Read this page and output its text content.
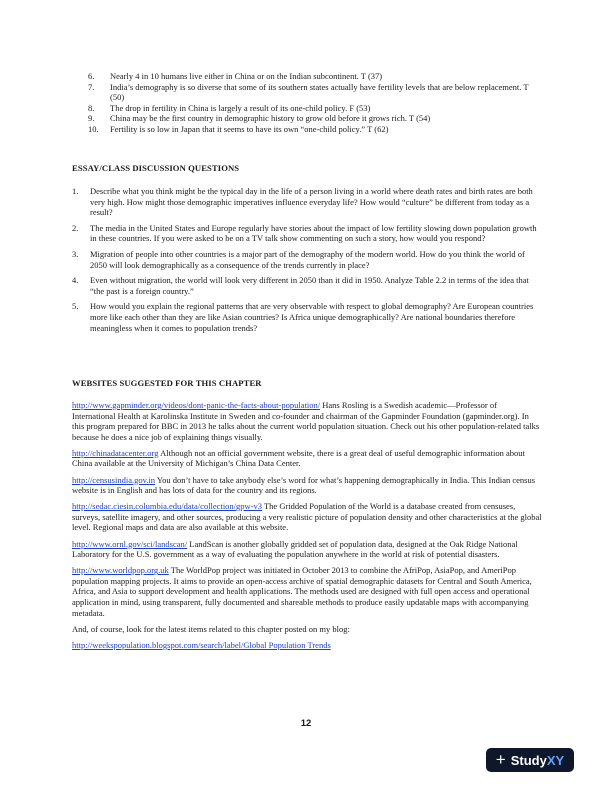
6.	Nearly 4 in 10 humans live either in China or on the Indian subcontinent. T (37)
7.	India’s demography is so diverse that some of its southern states actually have fertility levels that are below replacement. T (50)
8.	The drop in fertility in China is largely a result of its one-child policy. F (53)
9.	China may be the first country in demographic history to grow old before it grows rich. T (54)
10.	Fertility is so low in Japan that it seems to have its own “one-child policy.” T (62)
ESSAY/CLASS DISCUSSION QUESTIONS
1.	Describe what you think might be the typical day in the life of a person living in a world where death rates and birth rates are both very high. How might those demographic imperatives influence everyday life? How would “culture” be different from today as a result?
2.	The media in the United States and Europe regularly have stories about the impact of low fertility slowing down population growth in these countries. If you were asked to be on a TV talk show commenting on such a story, how would you respond?
3.	Migration of people into other countries is a major part of the demography of the modern world. How do you think the world of 2050 will look demographically as a consequence of the trends currently in place?
4.	Even without migration, the world will look very different in 2050 than it did in 1950. Analyze Table 2.2 in terms of the idea that “the past is a foreign country.”
5.	How would you explain the regional patterns that are very observable with respect to global demography? Are European countries more like each other than they are like Asian countries? Is Africa unique demographically? Are national boundaries therefore meaningless when it comes to population trends?
WEBSITES SUGGESTED FOR THIS CHAPTER

http://www.gapminder.org/videos/dont-panic-the-facts-about-population/ Hans Rosling is a Swedish academic—Professor of International Health at Karolinska Institute in Sweden and co-founder and chairman of the Gapminder Foundation (gapminder.org). In this program prepared for BBC in 2013 he talks about the current world population situation. Check out his other population-related talks because he does a nice job of explaining things visually.

http://chinadatacenter.org Although not an official government website, there is a great deal of useful demographic information about China available at the University of Michigan’s China Data Center.

http://censusindia.gov.in You don’t have to take anybody else’s word for what’s happening demographically in India. This Indian census website is in English and has lots of data for the country and its regions.

http://sedac.ciesin.columbia.edu/data/collection/gpw-v3 The Gridded Population of the World is a database created from censuses, surveys, satellite imagery, and other sources, producing a very realistic picture of population density and other characteristics at the global level. Regional maps and data are also available at this website.

http://www.ornl.gov/sci/landscan/ LandScan is another globally gridded set of population data, designed at the Oak Ridge National Laboratory for the U.S. government as a way of evaluating the population anywhere in the world at risk of potential disasters.

http://www.worldpop.org.uk The WorldPop project was initiated in October 2013 to combine the AfriPop, AsiaPop, and AmeriPop population mapping projects. It aims to provide an open-access archive of spatial demographic datasets for Central and South America, Africa, and Asia to support development and health applications. The methods used are designed with full open access and operational application in mind, using transparent, fully documented and shareable methods to produce easily updatable maps with accompanying metadata.

And, of course, look for the latest items related to this chapter posted on my blog:

http://weekspopulation.blogspot.com/search/label/Global Population Trends

12
+ StudyXY
